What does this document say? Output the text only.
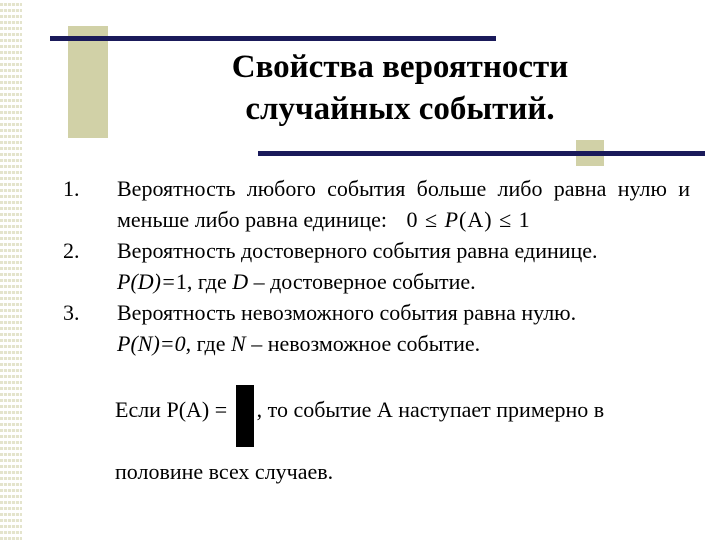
Свойства вероятности
случайных событий.
1. Вероятность любого события больше либо равна нулю и меньше либо равна единице: 0 ≤ P(A) ≤ 1
2. Вероятность достоверного события равна единице.
P(D)=1, где D – достоверное событие.
3. Вероятность невозможного события равна нулю.
P(N)=0, где N – невозможное событие.
Если P(A) = , то событие А наступает примерно в половине всех случаев.
